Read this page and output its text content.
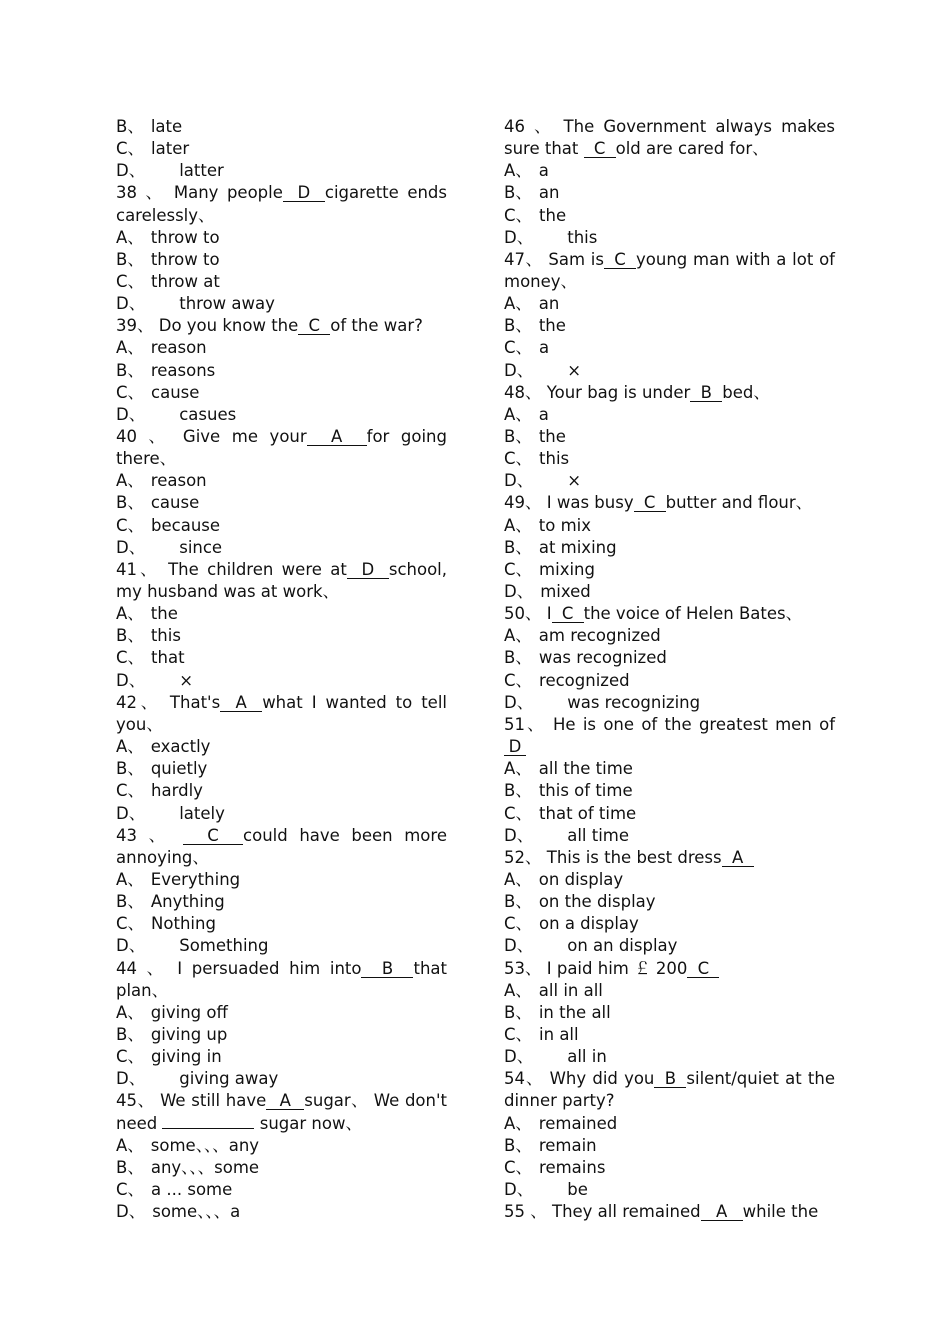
B、 late
C、 later
D、 latter
38 、 Many people D cigarette ends carelessly、
A、 throw to
B、 throw to
C、 throw at
D、 throw away
39、 Do you know the C of the war?
A、 reason
B、 reasons
C、 cause
D、 casues
40 、 Give me your A for going there、
A、 reason
B、 cause
C、 because
D、 since
41、 The children were at D school, my husband was at work、
A、 the
B、 this
C、 that
D、 ×
42、 That's A what I wanted to tell you、
A、 exactly
B、 quietly
C、 hardly
D、 lately
43 、 C could have been more annoying、
A、 Everything
B、 Anything
C、 Nothing
D、 Something
44 、 I persuaded him into B that plan、
A、 giving off
B、 giving up
C、 giving in
D、 giving away
45、 We still have A sugar、 We don't need	sugar now、
A、 some、、、any
B、 any、、、some
C、 a ... some
D、 some、、、a
46 、 The Government always makes sure that C old are cared for、
A、 a
B、 an
C、 the
D、 this
47、 Sam is C young man with a lot of money、
A、 an
B、 the
C、 a
D、 ×
48、 Your bag is under B bed、
A、 a
B、 the
C、 this
D、 ×
49、 I was busy C butter and flour、
A、 to mix
B、 at mixing
C、 mixing
D、 mixed
50、 I C the voice of Helen Bates、
A、 am recognized
B、 was recognized
C、 recognized
D、 was recognizing
51、 He is one of the greatest men of D
A、 all the time
B、 this of time
C、 that of time
D、 all time
52、 This is the best dress A
A、 on display
B、 on the display
C、 on a display
D、 on an display
53、 I paid him ￡ 200 C
A、 all in all
B、 in the all
C、 in all
D、 all in
54、 Why did you B silent/quiet at the dinner party?
A、 remained
B、 remain
C、 remains
D、 be
55 、 They all remained A while the
